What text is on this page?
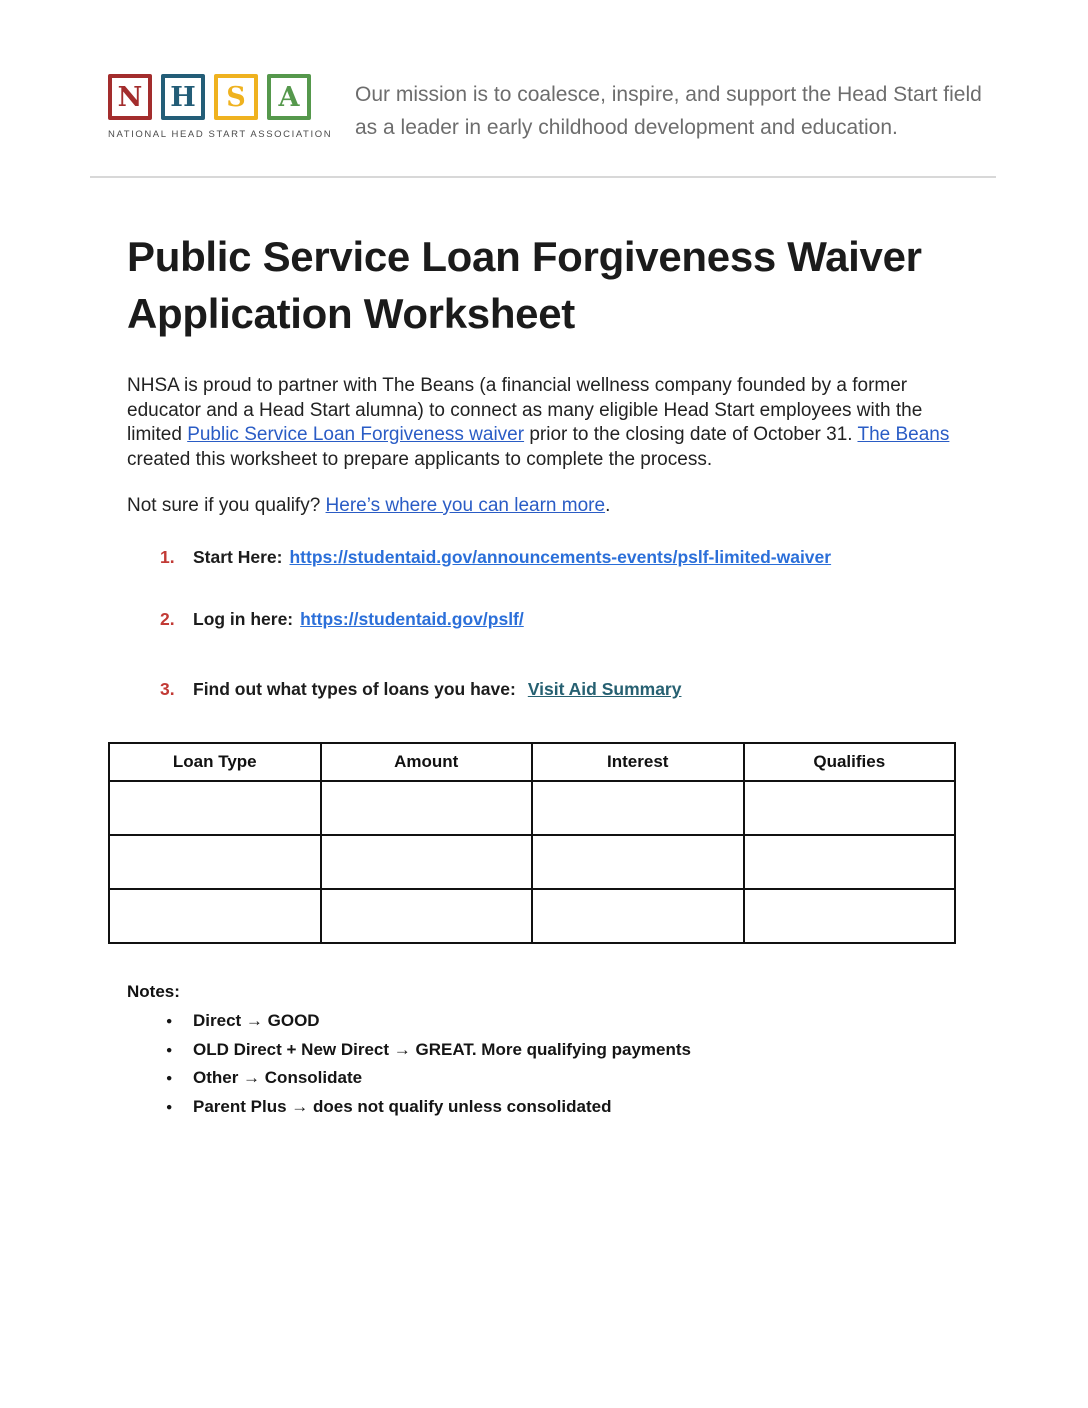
N H S A
NATIONAL HEAD START ASSOCIATION

Our mission is to coalesce, inspire, and support the Head Start field as a leader in early childhood development and education.

Public Service Loan Forgiveness Waiver
Application Worksheet

NHSA is proud to partner with The Beans (a financial wellness company founded by a former educator and a Head Start alumna) to connect as many eligible Head Start employees with the limited Public Service Loan Forgiveness waiver prior to the closing date of October 31. The Beans created this worksheet to prepare applicants to complete the process.

Not sure if you qualify? Here’s where you can learn more.

1.	Start Here: https://studentaid.gov/announcements-events/pslf-limited-waiver
2.	Log in here: https://studentaid.gov/pslf/
3.	Find out what types of loans you have: Visit Aid Summary
Loan Type	Amount	Interest	Qualifies

Notes:

●	Direct → GOOD
●	OLD Direct + New Direct → GREAT. More qualifying payments
●	Other → Consolidate
●	Parent Plus → does not qualify unless consolidated
